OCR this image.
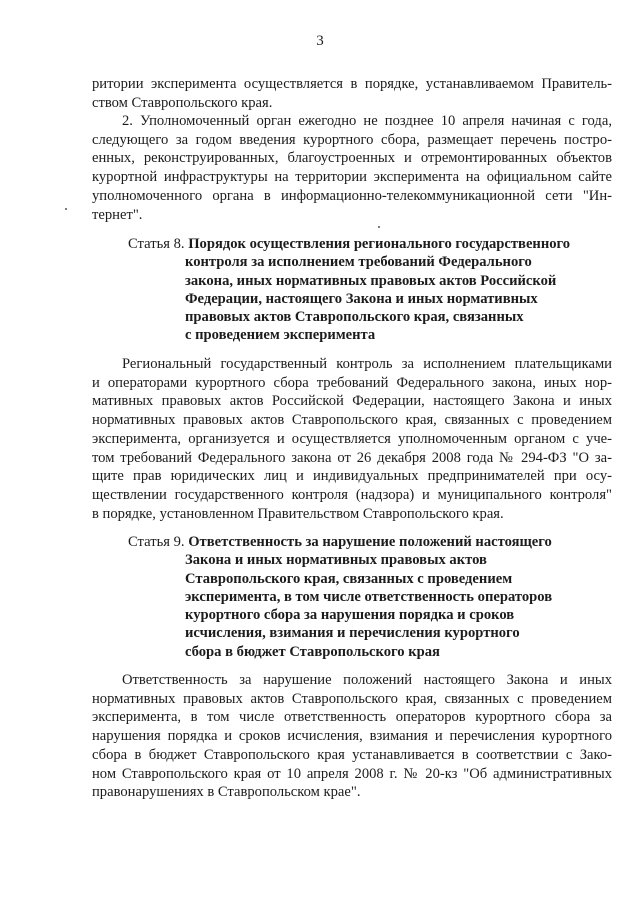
3
ритории эксперимента осуществляется в порядке, устанавливаемом Правитель-
ством Ставропольского края.
2. Уполномоченный орган ежегодно не позднее 10 апреля начиная с года,
следующего за годом введения курортного сбора, размещает перечень постро-
енных, реконструированных, благоустроенных и отремонтированных объектов
курортной инфраструктуры на территории эксперимента на официальном сайте
уполномоченного органа в информационно-телекоммуникационной сети "Ин-
тернет".
Статья 8. Порядок осуществления регионального государственного
контроля за исполнением требований Федерального
закона, иных нормативных правовых актов Российской
Федерации, настоящего Закона и иных нормативных
правовых актов Ставропольского края, связанных
с проведением эксперимента
Региональный государственный контроль за исполнением плательщиками
и операторами курортного сбора требований Федерального закона, иных нор-
мативных правовых актов Российской Федерации, настоящего Закона и иных
нормативных правовых актов Ставропольского края, связанных с проведением
эксперимента, организуется и осуществляется уполномоченным органом с уче-
том требований Федерального закона от 26 декабря 2008 года № 294-ФЗ "О за-
щите прав юридических лиц и индивидуальных предпринимателей при осу-
ществлении государственного контроля (надзора) и муниципального контроля"
в порядке, установленном Правительством Ставропольского края.
Статья 9. Ответственность за нарушение положений настоящего
Закона и иных нормативных правовых актов
Ставропольского края, связанных с проведением
эксперимента, в том числе ответственность операторов
курортного сбора за нарушения порядка и сроков
исчисления, взимания и перечисления курортного
сбора в бюджет Ставропольского края
Ответственность за нарушение положений настоящего Закона и иных
нормативных правовых актов Ставропольского края, связанных с проведением
эксперимента, в том числе ответственность операторов курортного сбора за
нарушения порядка и сроков исчисления, взимания и перечисления курортного
сбора в бюджет Ставропольского края устанавливается в соответствии с Зако-
ном Ставропольского края от 10 апреля 2008 г. № 20-кз "Об административных
правонарушениях в Ставропольском крае".
